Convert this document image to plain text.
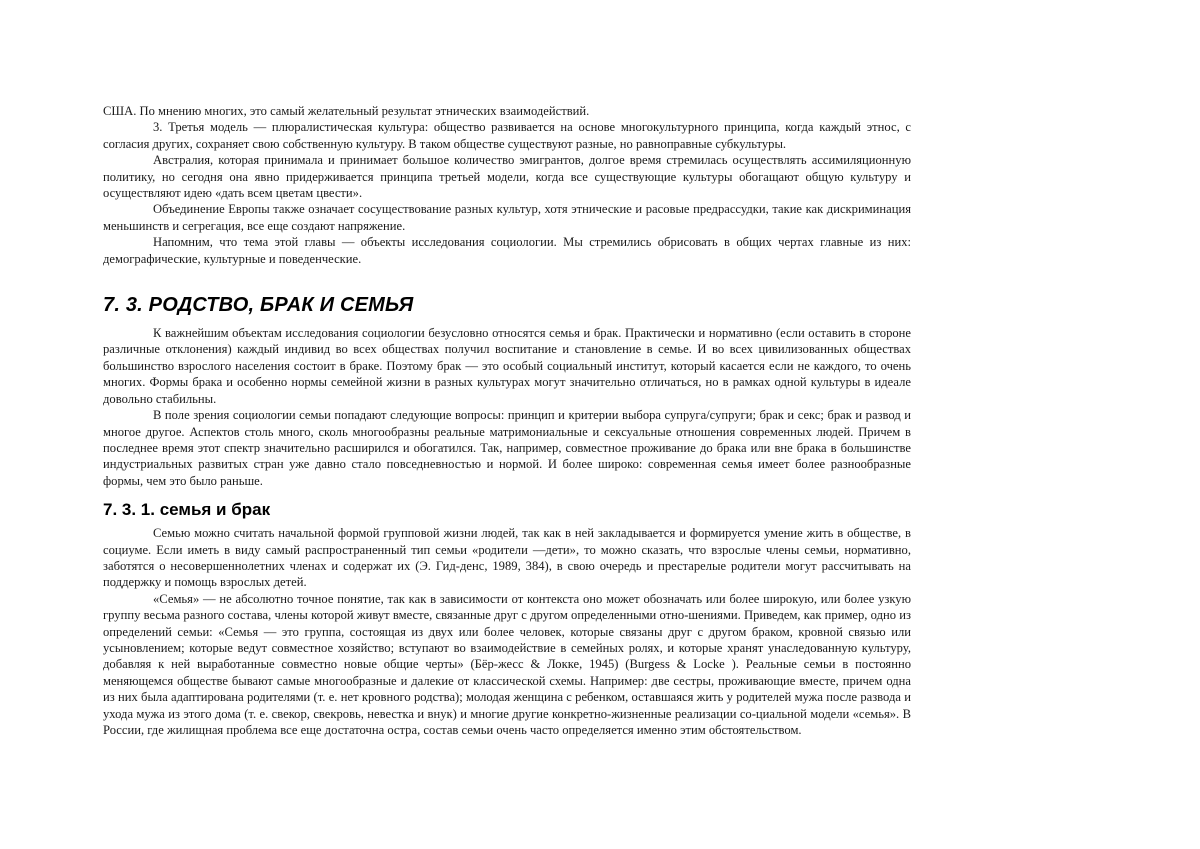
США. По мнению многих, это самый желательный результат этнических взаимодействий.

3. Третья модель — плюралистическая культура: общество развивается на основе многокультурного принципа, когда каждый этнос, с согласия других, сохраняет свою собственную культуру. В таком обществе существуют разные, но равноправные субкультуры.

Австралия, которая принимала и принимает большое количество эмигрантов, долгое время стремилась осуществлять ассимиляционную политику, но сегодня она явно придерживается принципа третьей модели, когда все существующие культуры обогащают общую культуру и осуществляют идею «дать всем цветам цвести».

Объединение Европы также означает сосуществование разных культур, хотя этнические и расовые предрассудки, такие как дискриминация меньшинств и сегрегация, все еще создают напряжение.

Напомним, что тема этой главы — объекты исследования социологии. Мы стремились обрисовать в общих чертах главные из них: демографические, культурные и поведенческие.

7. 3. РОДСТВО, БРАК И СЕМЬЯ

К важнейшим объектам исследования социологии безусловно относятся семья и брак. Практически и нормативно (если оставить в стороне различные отклонения) каждый индивид во всех обществах получил воспитание и становление в семье. И во всех цивилизованных обществах большинство взрослого населения состоит в браке. Поэтому брак — это особый социальный институт, который касается если не каждого, то очень многих. Формы брака и особенно нормы семейной жизни в разных культурах могут значительно отличаться, но в рамках одной культуры в идеале довольно стабильны.

В поле зрения социологии семьи попадают следующие вопросы: принцип и критерии выбора супруга/супруги; брак и секс; брак и развод и многое другое. Аспектов столь много, сколь многообразны реальные матримониальные и сексуальные отношения современных людей. Причем в последнее время этот спектр значительно расширился и обогатился. Так, например, совместное проживание до брака или вне брака в большинстве индустриальных развитых стран уже давно стало повседневностью и нормой. И более широко: современная семья имеет более разнообразные формы, чем это было раньше.

7. 3. 1. семья и брак

Семью можно считать начальной формой групповой жизни людей, так как в ней закладывается и формируется умение жить в обществе, в социуме. Если иметь в виду самый распространенный тип семьи «родители —дети», то можно сказать, что взрослые члены семьи, нормативно, заботятся о несовершеннолетних членах и содержат их (Э. Гид-денс, 1989, 384), в свою очередь и престарелые родители могут рассчитывать на поддержку и помощь взрослых детей.

«Семья» — не абсолютно точное понятие, так как в зависимости от контекста оно может обозначать или более широкую, или более узкую группу весьма разного состава, члены которой живут вместе, связанные друг с другом определенными отно-шениями. Приведем, как пример, одно из определений семьи: «Семья — это группа, состоящая из двух или более человек, которые связаны друг с другом браком, кровной связью или усыновлением; которые ведут совместное хозяйство; вступают во взаимодействие в семейных ролях, и которые хранят унаследованную культуру, добавляя к ней выработанные совместно новые общие черты» (Бёр-жесс & Локке, 1945) (Burgess & Locke ). Реальные семьи в постоянно меняющемся обществе бывают самые многообразные и далекие от классической схемы. Например: две сестры, проживающие вместе, причем одна из них была адаптирована родителями (т. е. нет кровного родства); молодая женщина с ребенком, оставшаяся жить у родителей мужа после развода и ухода мужа из этого дома (т. е. свекор, свекровь, невестка и внук) и многие другие конкретно-жизненные реализации со-циальной модели «семья». В России, где жилищная проблема все еще достаточна остра, состав семьи очень часто определяется именно этим обстоятельством.
